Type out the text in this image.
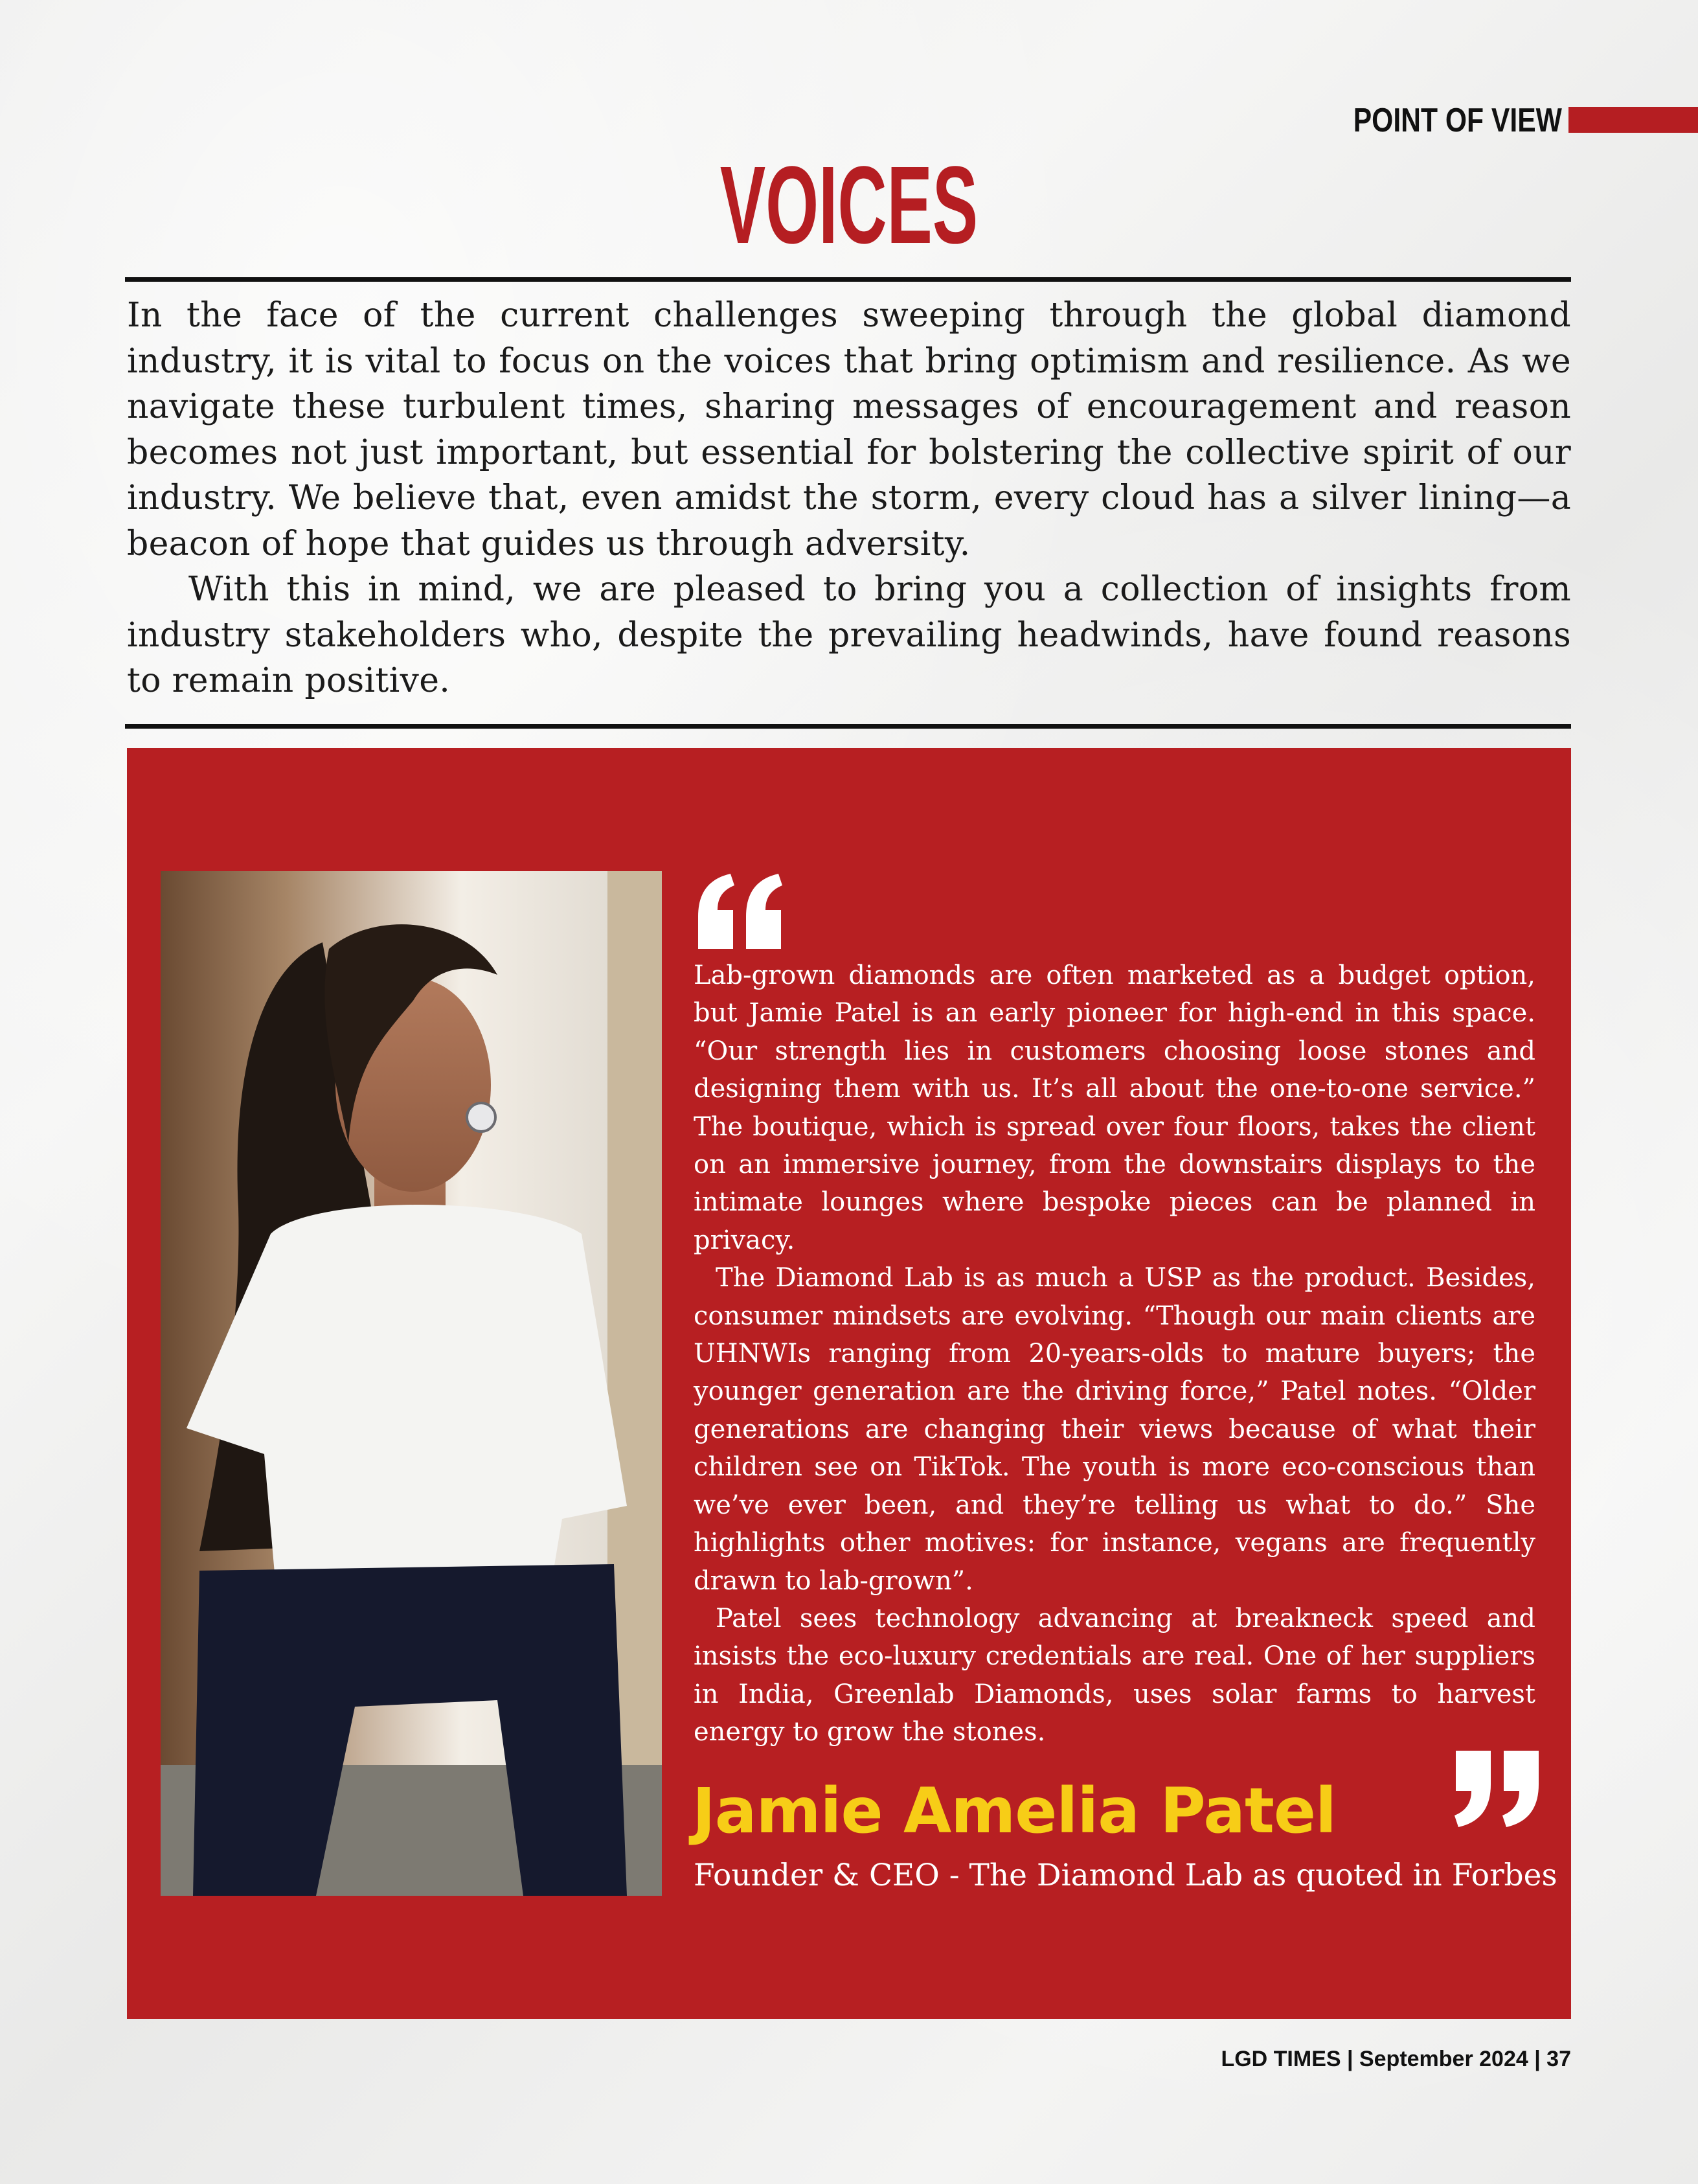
POINT OF VIEW
VOICES

In the face of the current challenges sweeping through the global diamond industry, it is vital to focus on the voices that bring optimism and resilience. As we navigate these turbulent times, sharing messages of encouragement and reason becomes not just important, but essential for bolstering the collective spirit of our industry. We believe that, even amidst the storm, every cloud has a silver lining—a beacon of hope that guides us through adversity.

With this in mind, we are pleased to bring you a collection of insights from industry stakeholders who, despite the prevailing headwinds, have found reasons to remain positive.

Lab-grown diamonds are often marketed as a budget option, but Jamie Patel is an early pioneer for high-end in this space. “Our strength lies in customers choosing loose stones and designing them with us. It’s all about the one-to-one service.” The boutique, which is spread over four floors, takes the client on an immersive journey, from the downstairs displays to the intimate lounges where bespoke pieces can be planned in privacy.

The Diamond Lab is as much a USP as the product. Besides, consumer mindsets are evolving. “Though our main clients are UHNWIs ranging from 20-years-olds to mature buyers; the younger generation are the driving force,” Patel notes. “Older generations are changing their views because of what their children see on TikTok. The youth is more eco-conscious than we’ve ever been, and they’re telling us what to do.” She highlights other motives: for instance, vegans are frequently drawn to lab-grown”.

Patel sees technology advancing at breakneck speed and insists the eco-luxury credentials are real. One of her suppliers in India, Greenlab Diamonds, uses solar farms to harvest energy to grow the stones.

Jamie Amelia Patel
Founder & CEO - The Diamond Lab as quoted in Forbes
LGD TIMES | September 2024 | 37
